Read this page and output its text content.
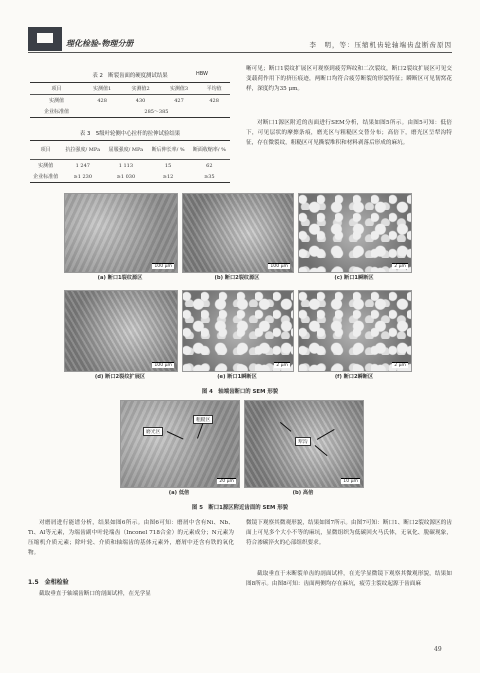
理化检验-物理分册	李　明，等：压缩机齿轮轴端齿盘断齿原因
表 2　断裂齿面的硬度测试结果	HBW
项目	实测值1	实测值2	实测值3	平均值
实测值	428	430	427	428
企业标准值	285～385			
表 3　5级叶轮侧中心拉杆的拉伸试验结果
项目	抗拉强度/ MPa	屈服强度/ MPa	断后伸长率/ %	断面收缩率/ %
实测值	1 247	1 113	15	62
企业标准值	≥1 230	≥1 030	≥12	≥35
晰可见；断口1裂纹扩展区可观察到疲劳辉纹和二次裂纹，断口2裂纹扩展区可见交变载荷作用下的挤压痕迹，两断口均符合疲劳断裂的形貌特征；瞬断区可见韧窝花样，深度约为35 μm。
对断口1源区附近的齿面进行SEM分析，结果如图5所示。由图5可知：低倍下，可见层状的摩擦条痕，磨光区与粗糙区交替分布；高倍下，磨光区呈犁沟特征，存在微裂纹，粗糙区可见撕裂堆积和材料剥落后形成的麻坑。
100 μm	100 μm	2 μm
(a) 断口1裂纹源区	(b) 断口2裂纹源区	(c) 断口1瞬断区
100 μm	2 μm	2 μm
(d) 断口2裂纹扩展区	(e) 断口1瞬断区	(f) 断口2瞬断区
图 4　轴端齿断口的 SEM 形貌
磨光区
粗糙区
20 μm
犁沟
10 μm
(a) 低倍	(b) 高倍
图 5　断口1源区附近齿面的 SEM 形貌
对磨屑进行能谱分析，结果如图6所示。由图6可知：磨屑中含有Ni、Nb、Ti、Al等元素，为端齿副中叶轮端齿（Inconel 718合金）的元素成分；N元素为压缩机介质元素；除叶轮、介质和轴端齿的基体元素外，磨屑中还含有铁的氧化物。
1.5　金相检验
截取垂直于轴端齿断口的剖面试样，在光学显
微镜下观察其微观形貌，结果如图7所示。由图7可知：断口1、断口2裂纹源区的齿面上可见多个大小不等的麻坑，显微组织为低碳回火马氏体，无氧化、脱碳现象，符合渗碳淬火的心部组织要求。
截取垂直于未断裂单齿的剖面试样，在光学显微镜下观察其微观形貌，结果如图8所示。由图8可知：齿面两侧均存在麻坑，疲劳主裂纹起源于齿面麻
49
